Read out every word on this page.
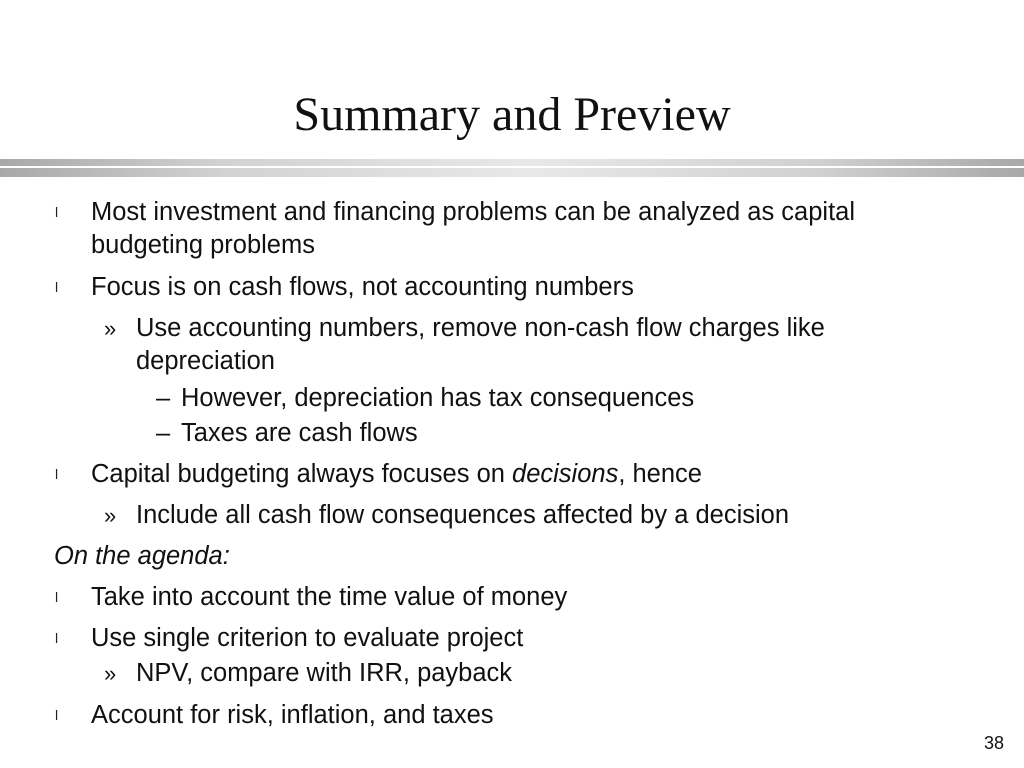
Summary and Preview
l Most investment and financing problems can be analyzed as capital
budgeting problems
l Focus is on cash flows, not accounting numbers
» Use accounting numbers, remove non-cash flow charges like
depreciation
– However, depreciation has tax consequences
– Taxes are cash flows
l Capital budgeting always focuses on decisions, hence
» Include all cash flow consequences affected by a decision
On the agenda:
l Take into account the time value of money
l Use single criterion to evaluate project
» NPV, compare with IRR, payback
l Account for risk, inflation, and taxes
38
